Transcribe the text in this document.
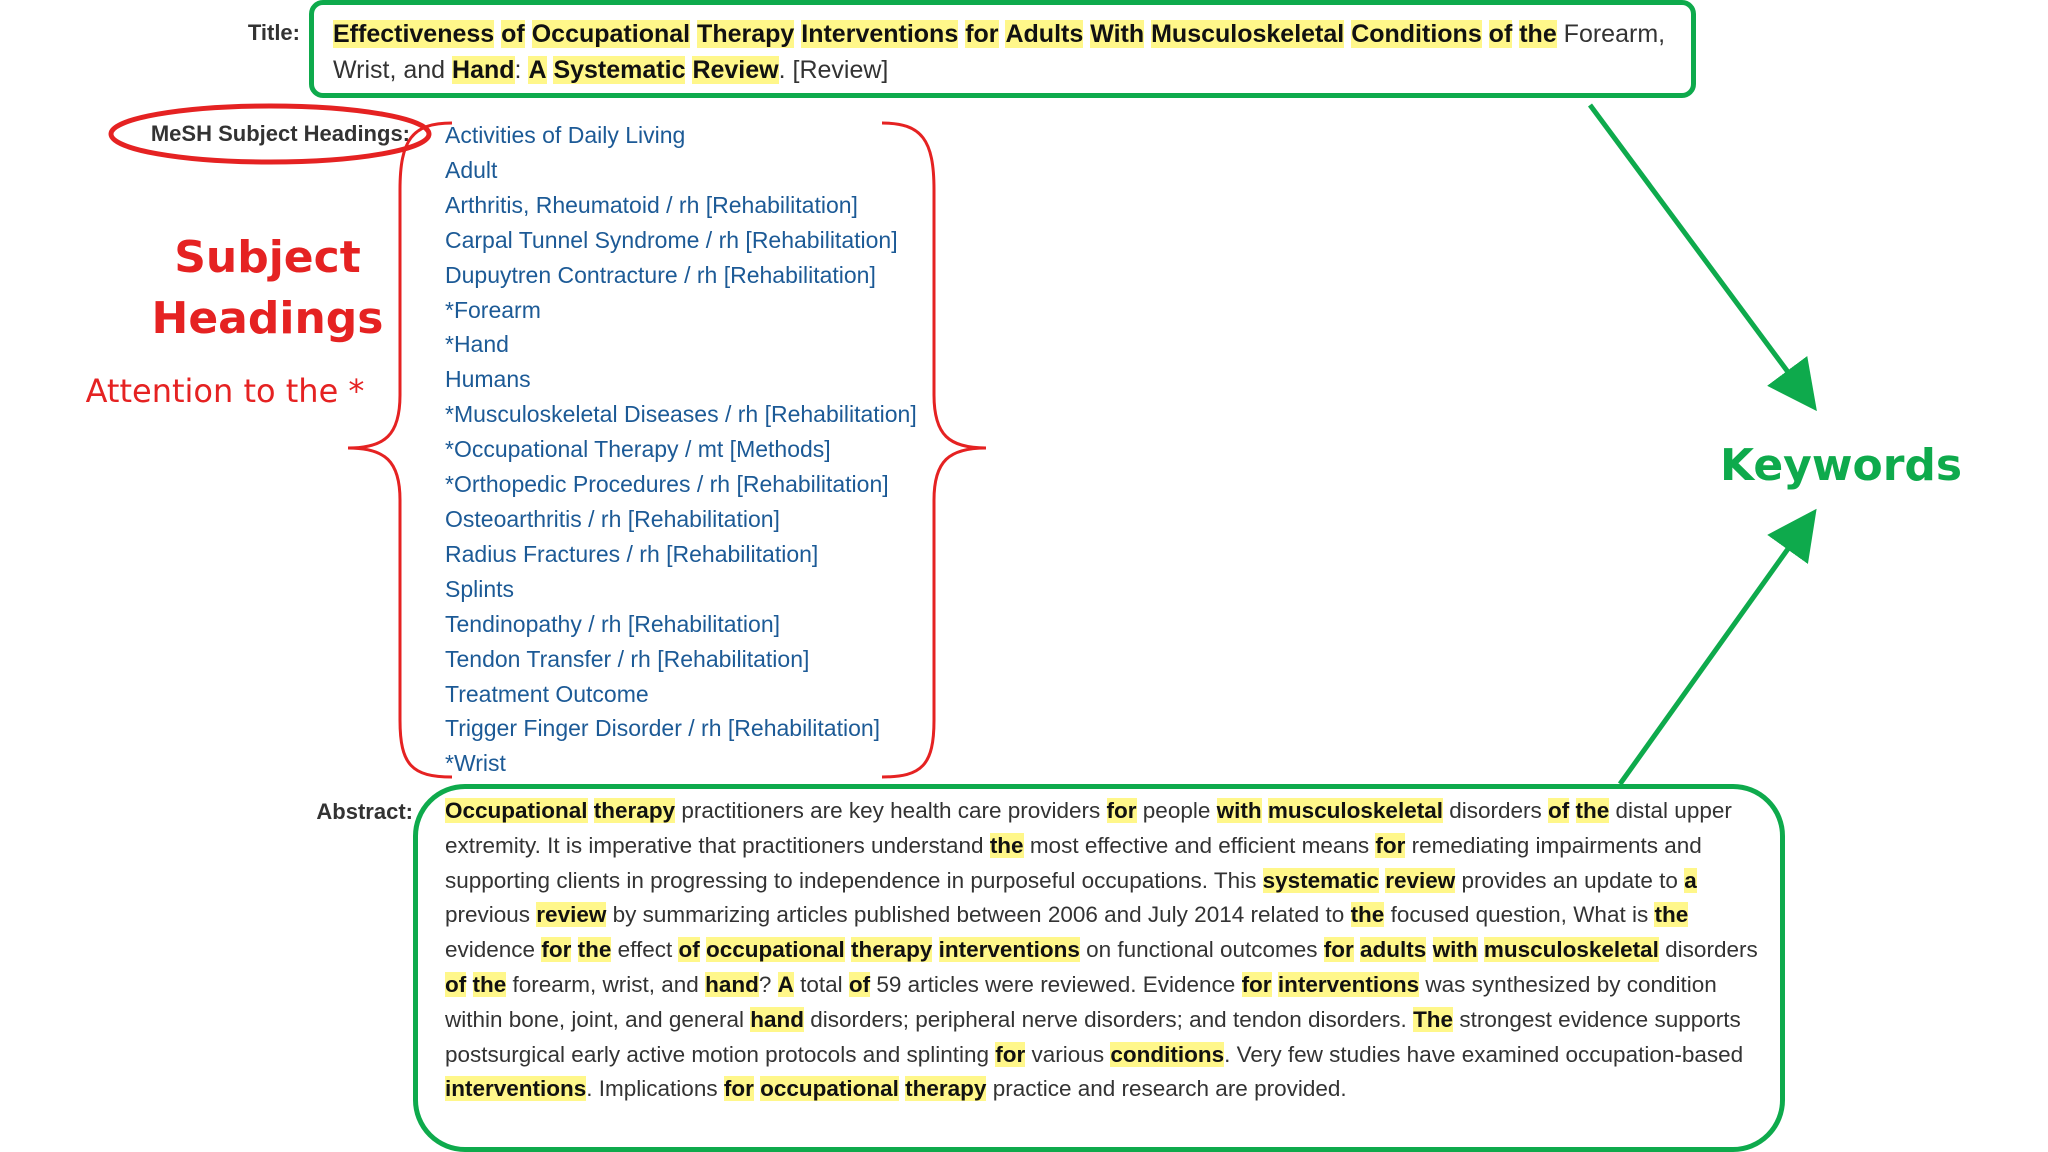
Title:
MeSH Subject Headings:
Abstract:
Effectiveness of Occupational Therapy Interventions for Adults With Musculoskeletal Conditions of the Forearm, Wrist, and Hand: A Systematic Review. [Review]
Activities of Daily Living
Adult
Arthritis, Rheumatoid / rh [Rehabilitation]
Carpal Tunnel Syndrome / rh [Rehabilitation]
Dupuytren Contracture / rh [Rehabilitation]
*Forearm
*Hand
Humans
*Musculoskeletal Diseases / rh [Rehabilitation]
*Occupational Therapy / mt [Methods]
*Orthopedic Procedures / rh [Rehabilitation]
Osteoarthritis / rh [Rehabilitation]
Radius Fractures / rh [Rehabilitation]
Splints
Tendinopathy / rh [Rehabilitation]
Tendon Transfer / rh [Rehabilitation]
Treatment Outcome
Trigger Finger Disorder / rh [Rehabilitation]
*Wrist
Occupational therapy practitioners are key health care providers for people with musculoskeletal disorders of the distal upper extremity. It is imperative that practitioners understand the most effective and efficient means for remediating impairments and supporting clients in progressing to independence in purposeful occupations. This systematic review provides an update to a previous review by summarizing articles published between 2006 and July 2014 related to the focused question, What is the evidence for the effect of occupational therapy interventions on functional outcomes for adults with musculoskeletal disorders of the forearm, wrist, and hand? A total of 59 articles were reviewed. Evidence for interventions was synthesized by condition within bone, joint, and general hand disorders; peripheral nerve disorders; and tendon disorders. The strongest evidence supports postsurgical early active motion protocols and splinting for various conditions. Very few studies have examined occupation-based interventions. Implications for occupational therapy practice and research are provided.
Subject
Headings
Attention to the *
Keywords
